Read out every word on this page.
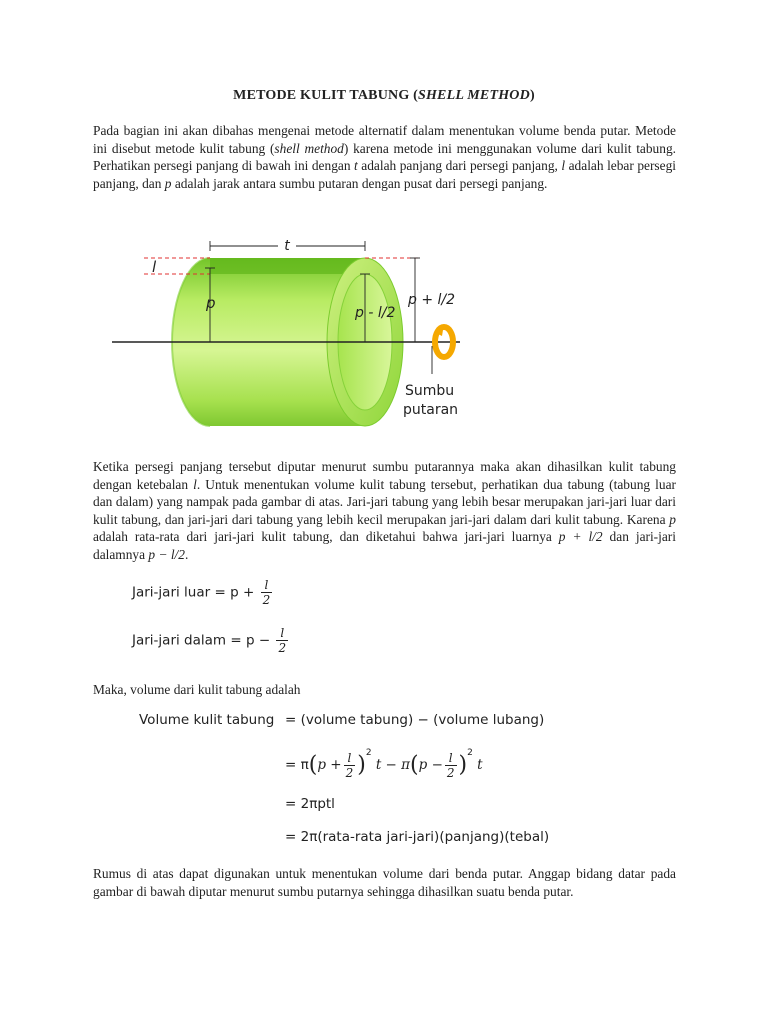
METODE KULIT TABUNG (SHELL METHOD)
Pada bagian ini akan dibahas mengenai metode alternatif dalam menentukan volume benda putar. Metode ini disebut metode kulit tabung (shell method) karena metode ini menggunakan volume dari kulit tabung. Perhatikan persegi panjang di bawah ini dengan t adalah panjang dari persegi panjang, l adalah lebar persegi panjang, dan p adalah jarak antara sumbu putaran dengan pusat dari persegi panjang.
t
l
p
p - l/2
p + l/2
Sumbu
putaran
Ketika persegi panjang tersebut diputar menurut sumbu putarannya maka akan dihasilkan kulit tabung dengan ketebalan l. Untuk menentukan volume kulit tabung tersebut, perhatikan dua tabung (tabung luar dan dalam) yang nampak pada gambar di atas. Jari-jari tabung yang lebih besar merupakan jari-jari luar dari kulit tabung, dan jari-jari dari tabung yang lebih kecil merupakan jari-jari dalam dari kulit tabung. Karena p adalah rata-rata dari jari-jari kulit tabung, dan diketahui bahwa jari-jari luarnya p + l/2 dan jari-jari dalamnya p − l/2.
Jari-jari luar = $p + \frac{l}{2}$
Jari-jari dalam = $p - \frac{l}{2}$
Maka, volume dari kulit tabung adalah
Volume kulit tabung = (volume tabung) − (volume lubang)
= $\pi(p + \frac{l}{2} )^2$ $t - \pi(p - \frac{l}{2} )^2$ t
= 2πptl
= 2π(rata-rata jari-jari)(panjang)(tebal)
Rumus di atas dapat digunakan untuk menentukan volume dari benda putar. Anggap bidang datar pada gambar di bawah diputar menurut sumbu putarnya sehingga dihasilkan suatu benda putar.
